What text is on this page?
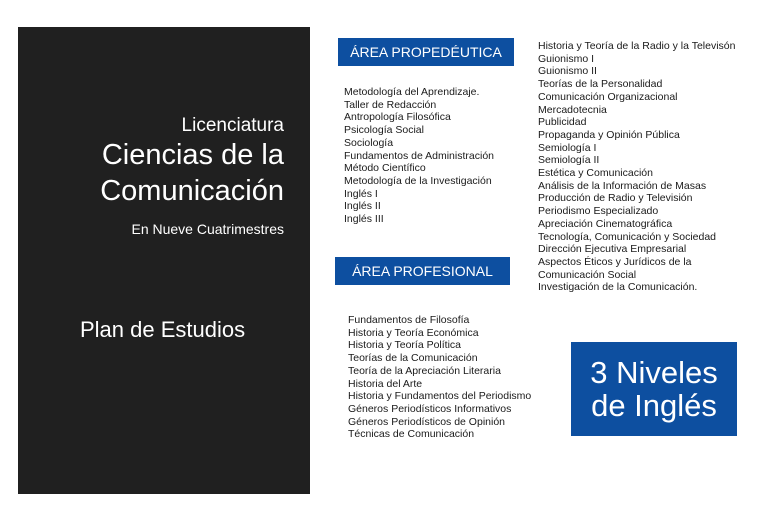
Licenciatura
Ciencias de la
Comunicación
En Nueve Cuatrimestres
Plan de Estudios
ÁREA PROPEDÉUTICA
ÁREA PROFESIONAL
Metodología del Aprendizaje.
Taller de Redacción
Antropología Filosófica
Psicología Social
Sociología
Fundamentos de Administración
Método Científico
Metodología de la Investigación
Inglés I
Inglés II
Inglés III
Historia y Teoría de la Radio y la Televisón
Guionismo I
Guionismo II
Teorías de la Personalidad
Comunicación Organizacional
Mercadotecnia
Publicidad
Propaganda y Opinión Pública
Semiología I
Semiología II
Estética y Comunicación
Análisis de la Información de Masas
Producción de Radio y Televisión
Periodismo Especializado
Apreciación Cinematográfica
Tecnología, Comunicación y Sociedad
Dirección Ejecutiva Empresarial
Aspectos Éticos y Jurídicos de la
Comunicación Social
Investigación de la Comunicación.
Fundamentos de Filosofía
Historia y Teoría Económica
Historia y Teoría Política
Teorías de la Comunicación
Teoría de la Apreciación Literaria
Historia del Arte
Historia y Fundamentos del Periodismo
Géneros Periodísticos Informativos
Géneros Periodísticos de Opinión
Técnicas de Comunicación
3 Niveles
de Inglés
